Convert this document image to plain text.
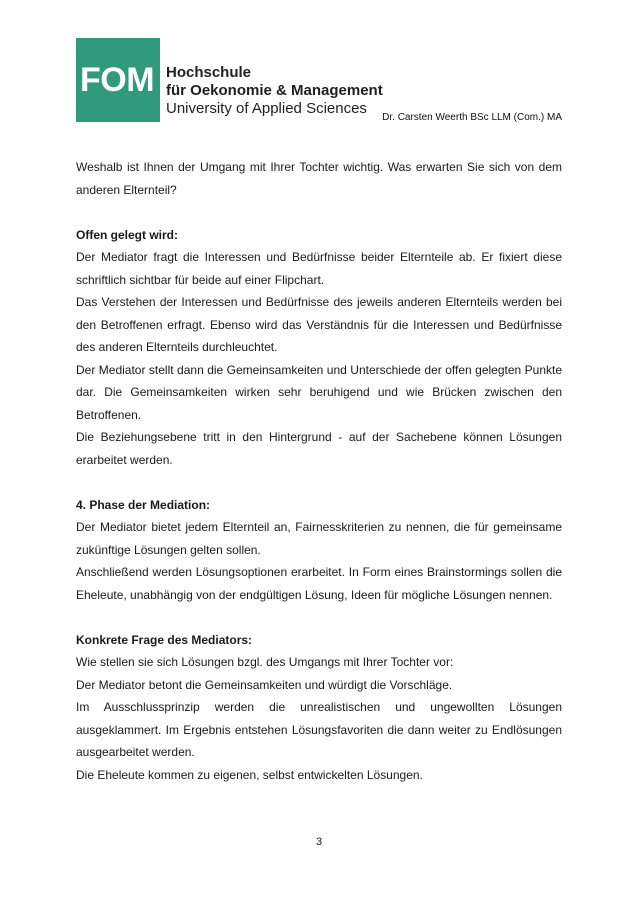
FOM Hochschule
für Oekonomie & Management
University of Applied Sciences
Dr. Carsten Weerth BSc LLM (Com.) MA

Weshalb ist Ihnen der Umgang mit Ihrer Tochter wichtig. Was erwarten Sie sich von dem anderen Elternteil?

Offen gelegt wird:

Der Mediator fragt die Interessen und Bedürfnisse beider Elternteile ab. Er fixiert diese schriftlich sichtbar für beide auf einer Flipchart.

Das Verstehen der Interessen und Bedürfnisse des jeweils anderen Elternteils werden bei den Betroffenen erfragt. Ebenso wird das Verständnis für die Interessen und Bedürfnisse des anderen Elternteils durchleuchtet.

Der Mediator stellt dann die Gemeinsamkeiten und Unterschiede der offen gelegten Punkte dar. Die Gemeinsamkeiten wirken sehr beruhigend und wie Brücken zwischen den Betroffenen.

Die Beziehungsebene tritt in den Hintergrund - auf der Sachebene können Lösungen erarbeitet werden.

4. Phase der Mediation:

Der Mediator bietet jedem Elternteil an, Fairnesskriterien zu nennen, die für gemeinsame zukünftige Lösungen gelten sollen.

Anschließend werden Lösungsoptionen erarbeitet. In Form eines Brainstormings sollen die Eheleute, unabhängig von der endgültigen Lösung, Ideen für mögliche Lösungen nennen.

Konkrete Frage des Mediators:

Wie stellen sie sich Lösungen bzgl. des Umgangs mit Ihrer Tochter vor:

Der Mediator betont die Gemeinsamkeiten und würdigt die Vorschläge.

Im Ausschlussprinzip werden die unrealistischen und ungewollten Lösungen ausgeklammert. Im Ergebnis entstehen Lösungsfavoriten die dann weiter zu Endlösungen ausgearbeitet werden.

Die Eheleute kommen zu eigenen, selbst entwickelten Lösungen.

3
